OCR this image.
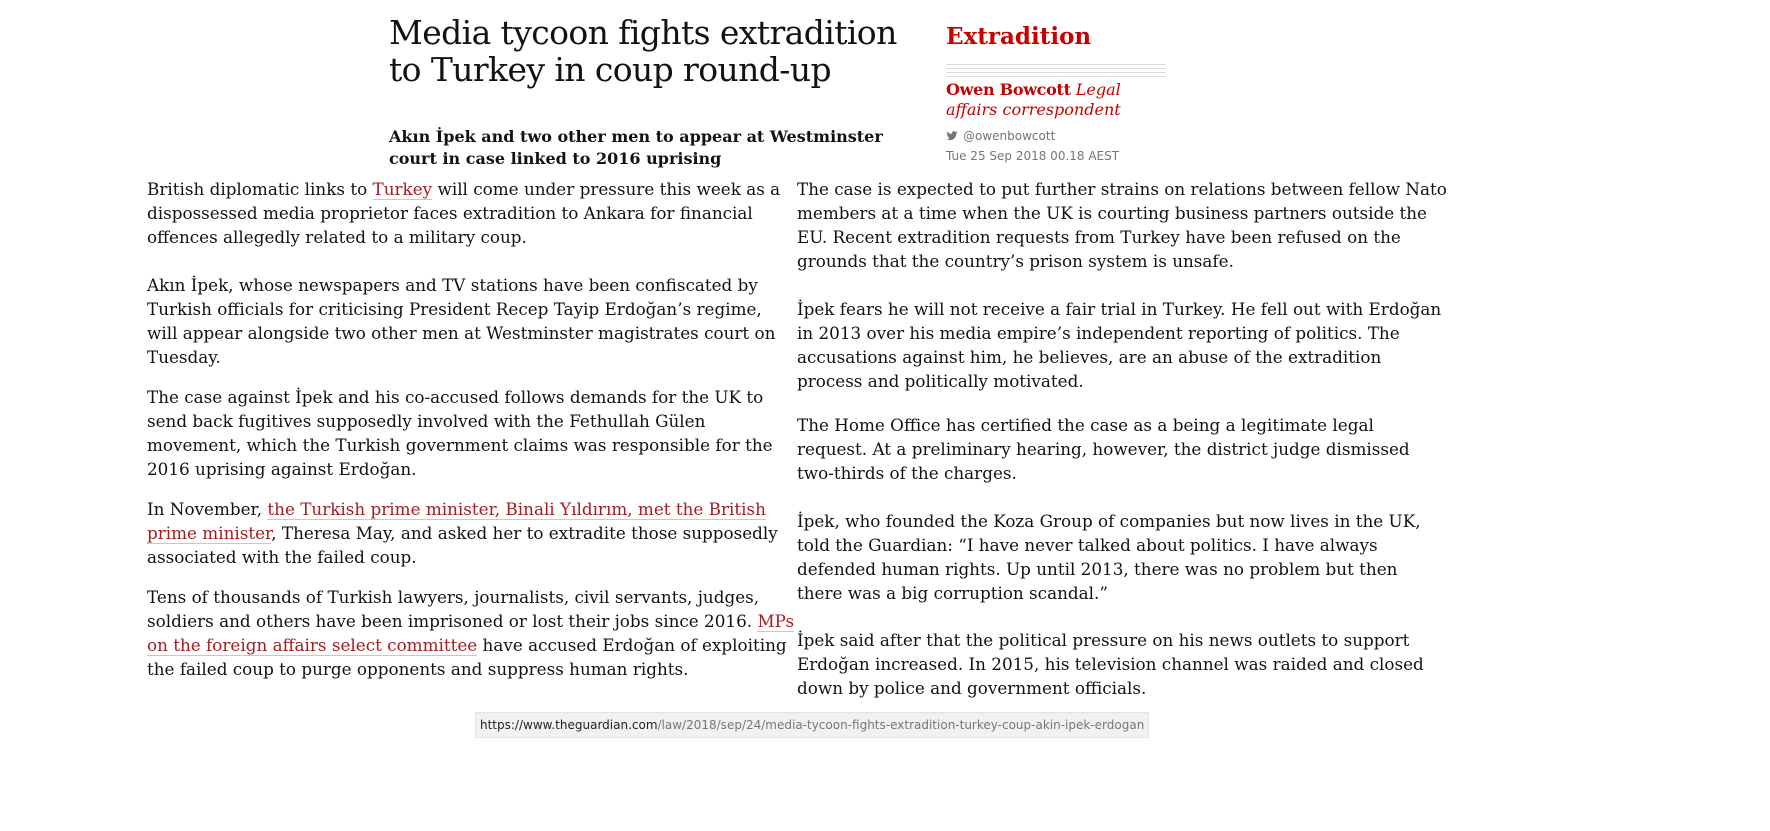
Media tycoon fights extradition to Turkey in coup round-up

Akın İpek and two other men to appear at Westminster court in case linked to 2016 uprising

Extradition
Owen Bowcott Legal affairs correspondent
@owenbowcott
Tue 25 Sep 2018 00.18 AEST

British diplomatic links to Turkey will come under pressure this week as a dispossessed media proprietor faces extradition to Ankara for financial offences allegedly related to a military coup.

Akın İpek, whose newspapers and TV stations have been confiscated by Turkish officials for criticising President Recep Tayip Erdoğan’s regime, will appear alongside two other men at Westminster magistrates court on Tuesday.

The case against İpek and his co-accused follows demands for the UK to send back fugitives supposedly involved with the Fethullah Gülen movement, which the Turkish government claims was responsible for the 2016 uprising against Erdoğan.

In November, the Turkish prime minister, Binali Yıldırım, met the British prime minister, Theresa May, and asked her to extradite those supposedly associated with the failed coup.

Tens of thousands of Turkish lawyers, journalists, civil servants, judges, soldiers and others have been imprisoned or lost their jobs since 2016. MPs on the foreign affairs select committee have accused Erdoğan of exploiting the failed coup to purge opponents and suppress human rights.

The case is expected to put further strains on relations between fellow Nato members at a time when the UK is courting business partners outside the EU. Recent extradition requests from Turkey have been refused on the grounds that the country’s prison system is unsafe.

İpek fears he will not receive a fair trial in Turkey. He fell out with Erdoğan in 2013 over his media empire’s independent reporting of politics. The accusations against him, he believes, are an abuse of the extradition process and politically motivated.

The Home Office has certified the case as a being a legitimate legal request. At a preliminary hearing, however, the district judge dismissed two-thirds of the charges.

İpek, who founded the Koza Group of companies but now lives in the UK, told the Guardian: “I have never talked about politics. I have always defended human rights. Up until 2013, there was no problem but then there was a big corruption scandal.”

İpek said after that the political pressure on his news outlets to support Erdoğan increased. In 2015, his television channel was raided and closed down by police and government officials.

https://www.theguardian.com/law/2018/sep/24/media-tycoon-fights-extradition-turkey-coup-akin-ipek-erdogan
